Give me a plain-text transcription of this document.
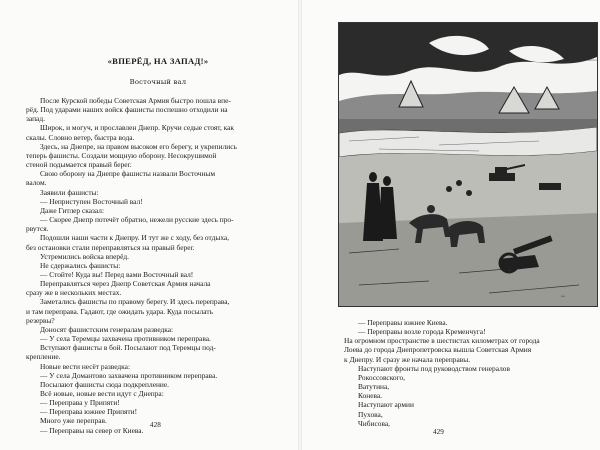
«ВПЕРЁД, НА ЗАПАД!»
Восточный вал
После Курской победы Советская Армия быстро пошла впе-
рёд. Под ударами наших войск фашисты поспешно отходили на
запад.
Широк, и могуч, и прославлен Днепр. Кручи седые стоят, как
скалы. Словно ветер, быстра вода.
Здесь, на Днепре, на правом высоком его берегу, и укрепились
теперь фашисты. Создали мощную оборону. Несокрушимой
стеной подымается правый берег.
Свою оборону на Днепре фашисты назвали Восточным
валом.
Заявили фашисты:
— Неприступен Восточный вал!
Даже Гитлер сказал:
— Скорее Днепр потечёт обратно, нежели русские здесь про-
рвутся.
Подошли наши части к Днепру. И тут же с ходу, без отдыха,
без остановки стали переправляться на правый берег.
Устремились войска вперёд.
Не сдержались фашисты:
— Стойте! Куда вы! Перед вами Восточный вал!
Переправляться через Днепр Советская Армия начала
сразу же в нескольких местах.
Заметались фашисты по правому берегу. И здесь переправа,
и там переправа. Гадают, где ожидать удара. Куда посылать
резервы?
Доносят фашистским генералам разведка:
— У села Теремцы захвачена противником переправа.
Вступают фашисты в бой. Посылают под Теремцы под-
крепление.
Новые вести несёт разведка:
— У села Домантово захвачена противником переправа.
Посылают фашисты сюда подкрепление.
Всё новые, новые вести идут с Днепра:
— Переправа у Припяти!
— Переправа южнее Припяти!
Много уже переправ.
— Переправы на север от Киева.
428
~
— Переправы южнее Киева.
— Переправы возле города Кременчуга!
На огромном пространстве в шестистах километрах от города
Лоева до города Днепропетровска вышла Советская Армия
к Днепру. И сразу же начала переправы.
Наступают фронты под руководством генералов
Рокоссовского,
Ватутина,
Конева.
Наступают армии
Пухова,
Чибисова,
429
